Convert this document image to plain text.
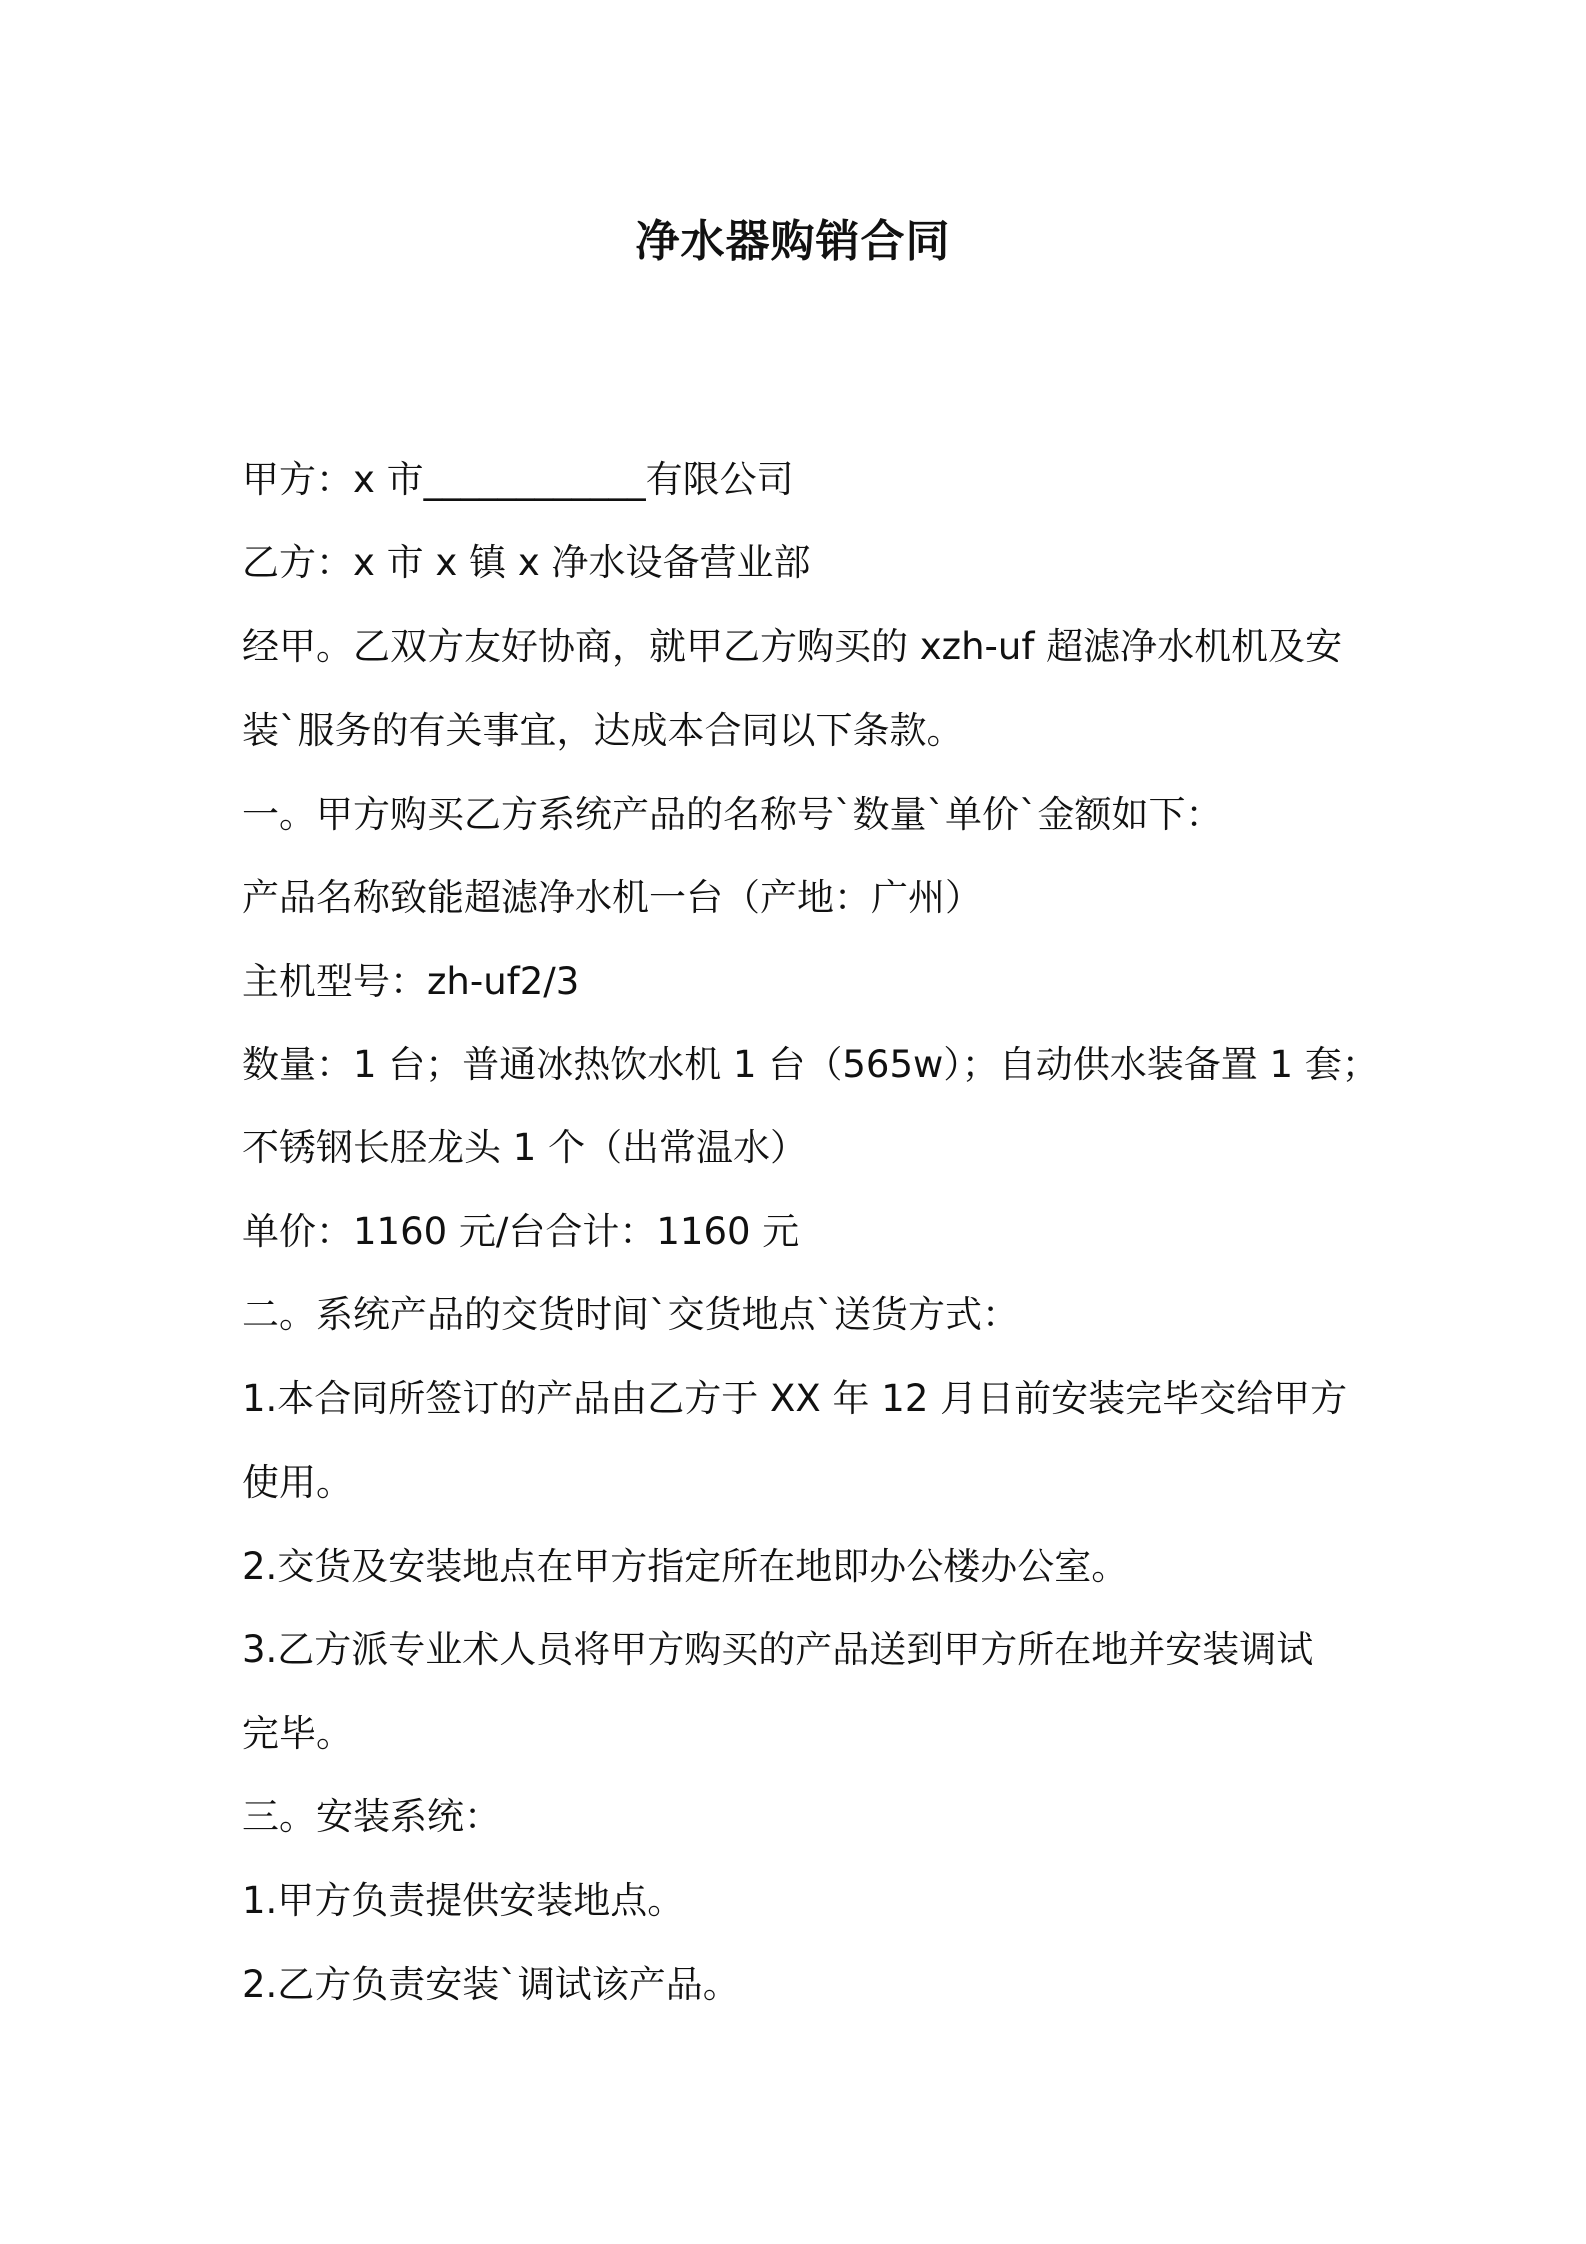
净水器购销合同

甲方：x 市____________有限公司

乙方：x 市 x 镇 x 净水设备营业部

经甲。乙双方友好协商，就甲乙方购买的 xzh-uf 超滤净水机机及安

装`服务的有关事宜，达成本合同以下条款。

一。甲方购买乙方系统产品的名称号`数量`单价`金额如下：

产品名称致能超滤净水机一台（产地：广州）

主机型号：zh-uf2/3

数量：1 台；普通冰热饮水机 1 台（565w）；自动供水装备置 1 套；

不锈钢长胫龙头 1 个（出常温水）

单价：1160 元/台合计：1160 元

二。系统产品的交货时间`交货地点`送货方式：

1.本合同所签订的产品由乙方于 XX 年 12 月日前安装完毕交给甲方

使用。

2.交货及安装地点在甲方指定所在地即办公楼办公室。

3.乙方派专业术人员将甲方购买的产品送到甲方所在地并安装调试

完毕。

三。安装系统：

1.甲方负责提供安装地点。

2.乙方负责安装`调试该产品。
